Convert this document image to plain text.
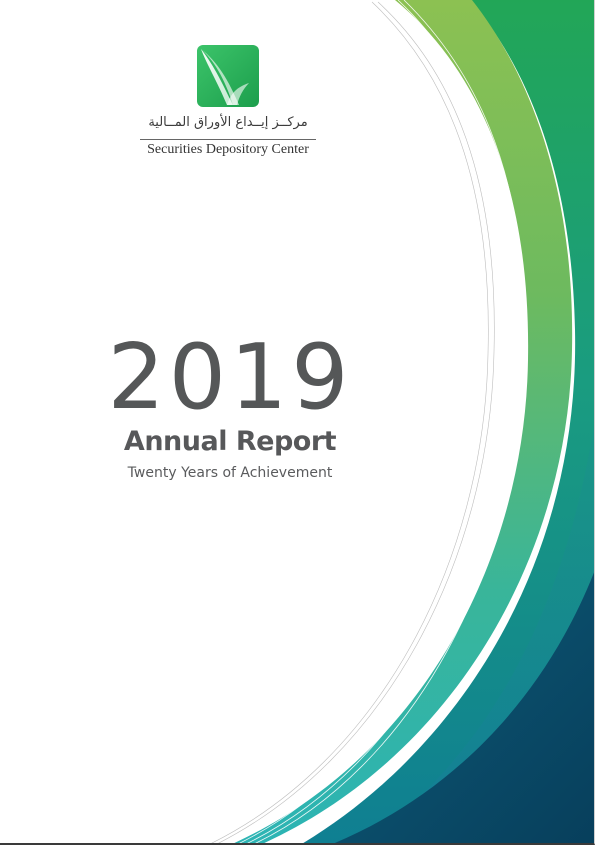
مركــز إيــداع الأوراق المــالية
Securities Depository Center
2019
Annual Report
Twenty Years of Achievement
